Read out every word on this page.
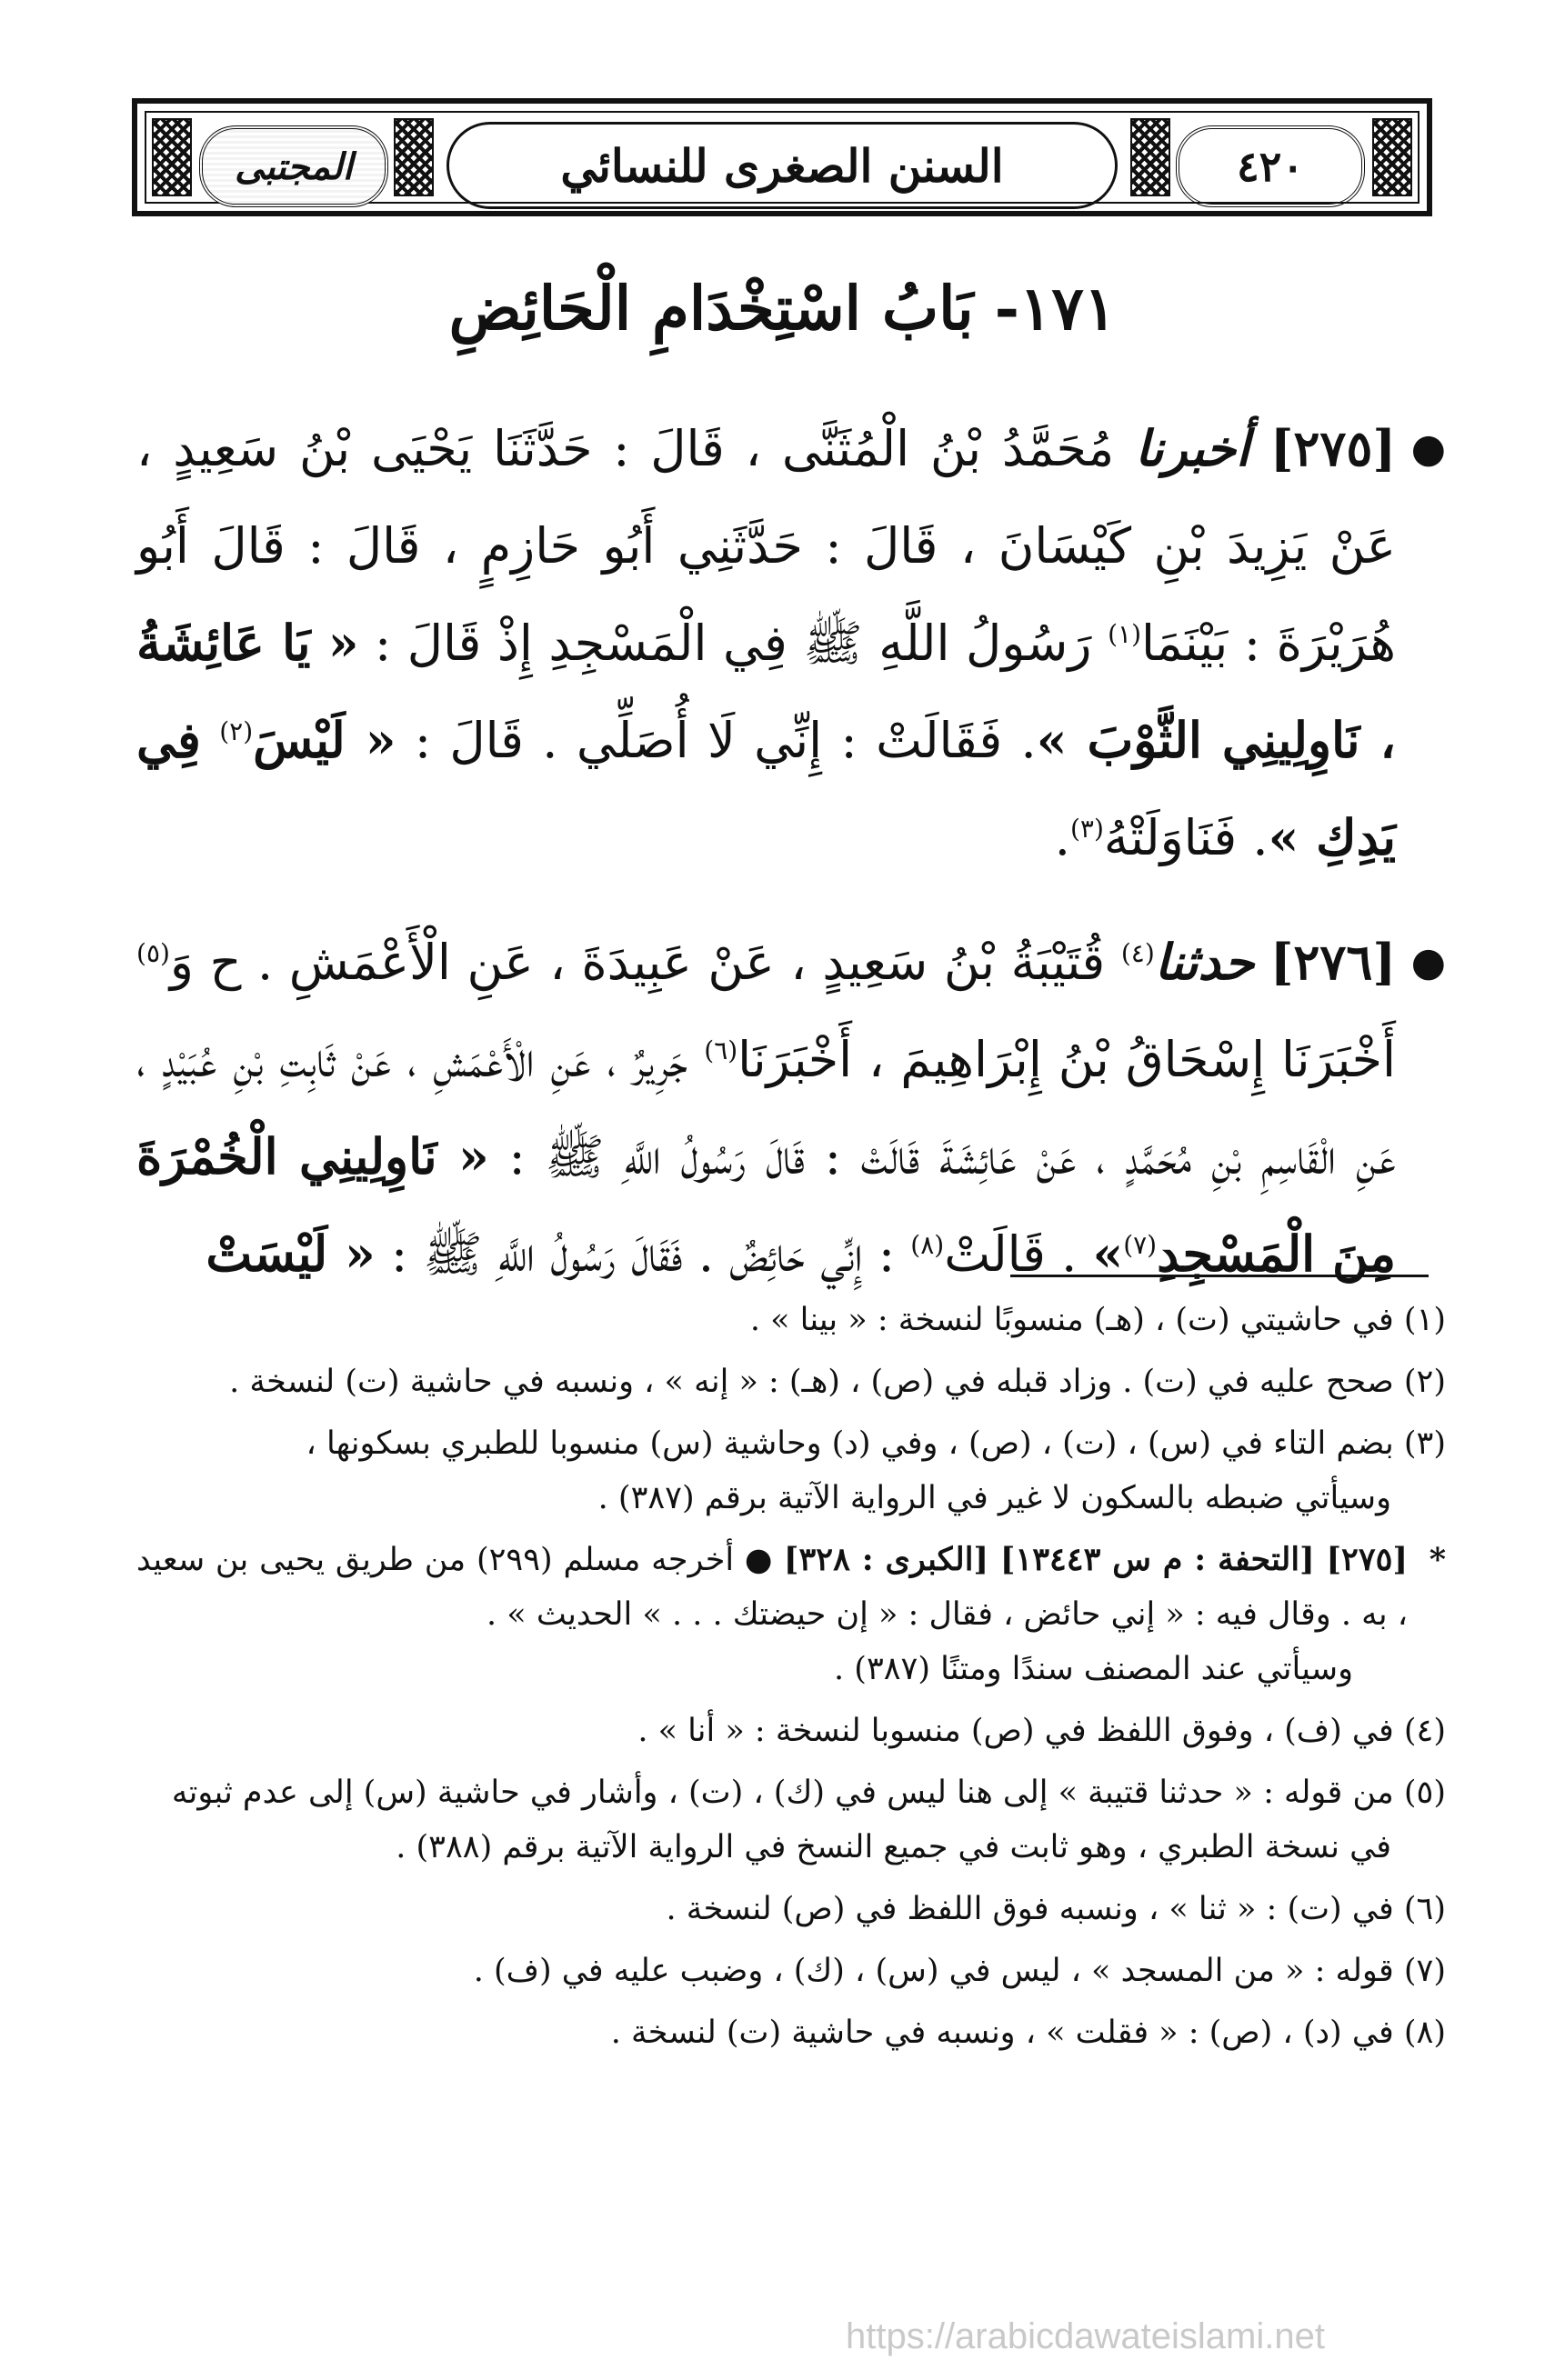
المجتبى	السنن الصغرى للنسائي	٤٢٠
١٧١- بَابُ اسْتِخْدَامِ الْحَائِضِ

●
[٢٧٥] أخبرنا مُحَمَّدُ بْنُ الْمُثَنَّى ، قَالَ : حَدَّثَنَا يَحْيَى بْنُ سَعِيدٍ ، عَنْ يَزِيدَ بْنِ كَيْسَانَ ، قَالَ : حَدَّثَنِي أَبُو حَازِمٍ ، قَالَ : قَالَ أَبُو هُرَيْرَةَ : بَيْنَمَا$^{(١)}$ رَسُولُ اللَّهِ ﷺ فِي الْمَسْجِدِ إِذْ قَالَ : « يَا عَائِشَةُ ، نَاوِلِينِي الثَّوْبَ ». فَقَالَتْ : إِنِّي لَا أُصَلِّي . قَالَ : « لَيْسَ$^{(٢)}$ فِي يَدِكِ ». فَنَاوَلَتْهُ$^{(٣)}$.

●
[٢٧٦] حدثنا$^{(٤)}$ قُتَيْبَةُ بْنُ سَعِيدٍ ، عَنْ عَبِيدَةَ ، عَنِ الْأَعْمَشِ . ح وَ$^{(٥)}$ أَخْبَرَنَا إِسْحَاقُ بْنُ إِبْرَاهِيمَ ، أَخْبَرَنَا$^{(٦)}$ جَرِيرٌ ، عَنِ الْأَعْمَشِ ، عَنْ ثَابِتِ بْنِ عُبَيْدٍ ، عَنِ الْقَاسِمِ بْنِ مُحَمَّدٍ ، عَنْ عَائِشَةَ قَالَتْ : قَالَ رَسُولُ اللَّهِ ﷺ : « نَاوِلِينِي الْخُمْرَةَ مِنَ الْمَسْجِدِ$^{(٧)}$» . قَالَتْ$^{(٨)}$ : إِنِّي حَائِضٌ . فَقَالَ رَسُولُ اللَّهِ ﷺ : « لَيْسَتْ

(١) في حاشيتي (ت) ، (هـ) منسوبًا لنسخة : « بينا » .
(٢) صحح عليه في (ت) . وزاد قبله في (ص) ، (هـ) : « إنه » ، ونسبه في حاشية (ت) لنسخة .
(٣) بضم التاء في (س) ، (ت) ، (ص) ، وفي (د) وحاشية (س) منسوبا للطبري بسكونها ،
وسيأتي ضبطه بالسكون لا غير في الرواية الآتية برقم (٣٨٧) .
*
[٢٧٥] [التحفة : م س ١٣٤٤٣] [الكبرى : ٣٢٨] ● أخرجه مسلم (٢٩٩) من طريق يحيى بن سعيد ، به . وقال فيه : « إني حائض ، فقال : « إن حيضتك . . . » الحديث » .
وسيأتي عند المصنف سندًا ومتنًا (٣٨٧) .
(٤) في (ف) ، وفوق اللفظ في (ص) منسوبا لنسخة : « أنا » .
(٥) من قوله : « حدثنا قتيبة » إلى هنا ليس في (ك) ، (ت) ، وأشار في حاشية (س) إلى عدم ثبوته
في نسخة الطبري ، وهو ثابت في جميع النسخ في الرواية الآتية برقم (٣٨٨) .
(٦) في (ت) : « ثنا » ، ونسبه فوق اللفظ في (ص) لنسخة .
(٧) قوله : « من المسجد » ، ليس في (س) ، (ك) ، وضبب عليه في (ف) .
(٨) في (د) ، (ص) : « فقلت » ، ونسبه في حاشية (ت) لنسخة .
https://arabicdawateislami.net
